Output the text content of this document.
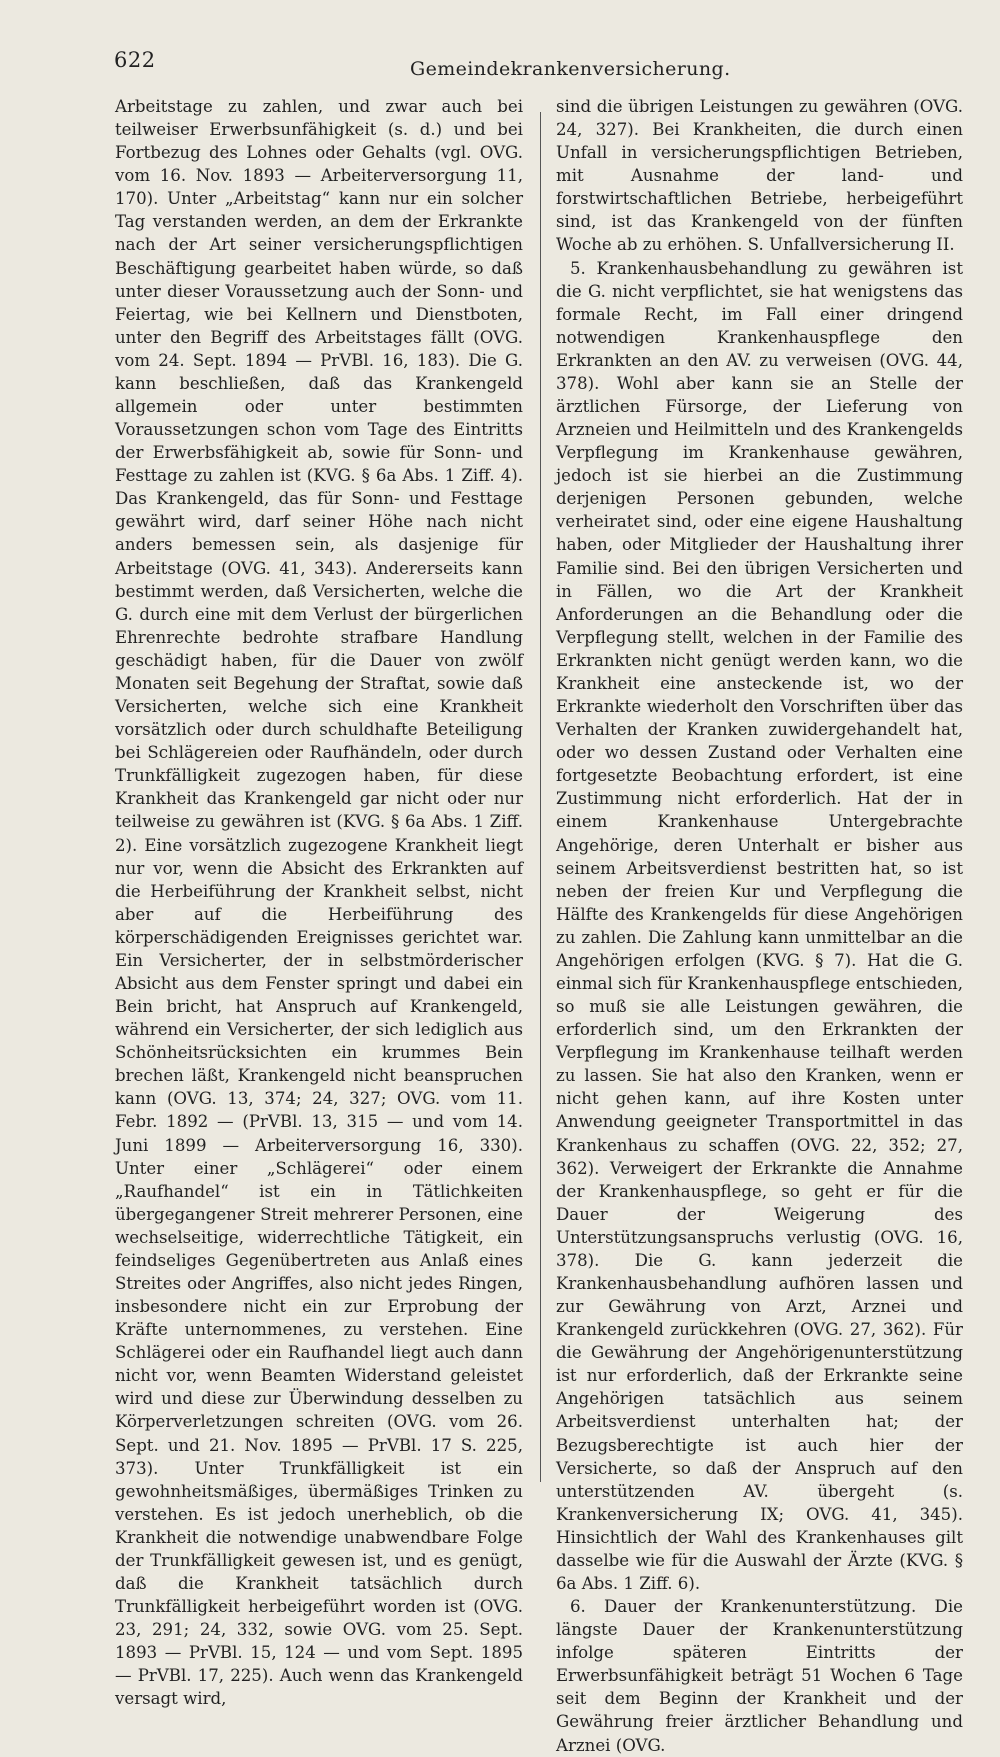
622	Gemeindekrankenversicherung.

Arbeitstage zu zahlen, und zwar auch bei teilweiser Erwerbsunfähigkeit (s. d.) und bei Fortbezug des Lohnes oder Gehalts (vgl. OVG. vom 16. Nov. 1893 — Arbeiterversorgung 11, 170). Unter „Arbeitstag“ kann nur ein solcher Tag verstanden werden, an dem der Erkrankte nach der Art seiner versicherungspflichtigen Beschäftigung gearbeitet haben würde, so daß unter dieser Voraussetzung auch der Sonn- und Feiertag, wie bei Kellnern und Dienstboten, unter den Begriff des Arbeitstages fällt (OVG. vom 24. Sept. 1894 — PrVBl. 16, 183). Die G. kann beschließen, daß das Krankengeld allgemein oder unter bestimmten Voraussetzungen schon vom Tage des Eintritts der Erwerbsfähigkeit ab, sowie für Sonn- und Festtage zu zahlen ist (KVG. § 6a Abs. 1 Ziff. 4). Das Krankengeld, das für Sonn- und Festtage gewährt wird, darf seiner Höhe nach nicht anders bemessen sein, als dasjenige für Arbeitstage (OVG. 41, 343). Andererseits kann bestimmt werden, daß Versicherten, welche die G. durch eine mit dem Verlust der bürgerlichen Ehrenrechte bedrohte strafbare Handlung geschädigt haben, für die Dauer von zwölf Monaten seit Begehung der Straftat, sowie daß Versicherten, welche sich eine Krankheit vorsätzlich oder durch schuldhafte Beteiligung bei Schlägereien oder Raufhändeln, oder durch Trunkfälligkeit zugezogen haben, für diese Krankheit das Krankengeld gar nicht oder nur teilweise zu gewähren ist (KVG. § 6a Abs. 1 Ziff. 2). Eine vorsätzlich zugezogene Krankheit liegt nur vor, wenn die Absicht des Erkrankten auf die Herbeiführung der Krankheit selbst, nicht aber auf die Herbeiführung des körperschädigenden Ereignisses gerichtet war. Ein Versicherter, der in selbstmörderischer Absicht aus dem Fenster springt und dabei ein Bein bricht, hat Anspruch auf Krankengeld, während ein Versicherter, der sich lediglich aus Schönheitsrücksichten ein krummes Bein brechen läßt, Krankengeld nicht beanspruchen kann (OVG. 13, 374; 24, 327; OVG. vom 11. Febr. 1892 — (PrVBl. 13, 315 — und vom 14. Juni 1899 — Arbeiterversorgung 16, 330). Unter einer „Schlägerei“ oder einem „Raufhandel“ ist ein in Tätlichkeiten übergegangener Streit mehrerer Personen, eine wechselseitige, widerrechtliche Tätigkeit, ein feindseliges Gegenübertreten aus Anlaß eines Streites oder Angriffes, also nicht jedes Ringen, insbesondere nicht ein zur Erprobung der Kräfte unternommenes, zu verstehen. Eine Schlägerei oder ein Raufhandel liegt auch dann nicht vor, wenn Beamten Widerstand geleistet wird und diese zur Überwindung desselben zu Körperverletzungen schreiten (OVG. vom 26. Sept. und 21. Nov. 1895 — PrVBl. 17 S. 225, 373). Unter Trunkfälligkeit ist ein gewohnheitsmäßiges, übermäßiges Trinken zu verstehen. Es ist jedoch unerheblich, ob die Krankheit die notwendige unabwendbare Folge der Trunkfälligkeit gewesen ist, und es genügt, daß die Krankheit tatsächlich durch Trunkfälligkeit herbeigeführt worden ist (OVG. 23, 291; 24, 332, sowie OVG. vom 25. Sept. 1893 — PrVBl. 15, 124 — und vom Sept. 1895 — PrVBl. 17, 225). Auch wenn das Krankengeld versagt wird,

sind die übrigen Leistungen zu gewähren (OVG. 24, 327). Bei Krankheiten, die durch einen Unfall in versicherungspflichtigen Betrieben, mit Ausnahme der land- und forstwirtschaftlichen Betriebe, herbeigeführt sind, ist das Krankengeld von der fünften Woche ab zu erhöhen. S. Unfallversicherung II.

5. Krankenhausbehandlung zu gewähren ist die G. nicht verpflichtet, sie hat wenigstens das formale Recht, im Fall einer dringend notwendigen Krankenhauspflege den Erkrankten an den AV. zu verweisen (OVG. 44, 378). Wohl aber kann sie an Stelle der ärztlichen Fürsorge, der Lieferung von Arzneien und Heilmitteln und des Krankengelds Verpflegung im Krankenhause gewähren, jedoch ist sie hierbei an die Zustimmung derjenigen Personen gebunden, welche verheiratet sind, oder eine eigene Haushaltung haben, oder Mitglieder der Haushaltung ihrer Familie sind. Bei den übrigen Versicherten und in Fällen, wo die Art der Krankheit Anforderungen an die Behandlung oder die Verpflegung stellt, welchen in der Familie des Erkrankten nicht genügt werden kann, wo die Krankheit eine ansteckende ist, wo der Erkrankte wiederholt den Vorschriften über das Verhalten der Kranken zuwidergehandelt hat, oder wo dessen Zustand oder Verhalten eine fortgesetzte Beobachtung erfordert, ist eine Zustimmung nicht erforderlich. Hat der in einem Krankenhause Untergebrachte Angehörige, deren Unterhalt er bisher aus seinem Arbeitsverdienst bestritten hat, so ist neben der freien Kur und Verpflegung die Hälfte des Krankengelds für diese Angehörigen zu zahlen. Die Zahlung kann unmittelbar an die Angehörigen erfolgen (KVG. § 7). Hat die G. einmal sich für Krankenhauspflege entschieden, so muß sie alle Leistungen gewähren, die erforderlich sind, um den Erkrankten der Verpflegung im Krankenhause teilhaft werden zu lassen. Sie hat also den Kranken, wenn er nicht gehen kann, auf ihre Kosten unter Anwendung geeigneter Transportmittel in das Krankenhaus zu schaffen (OVG. 22, 352; 27, 362). Verweigert der Erkrankte die Annahme der Krankenhauspflege, so geht er für die Dauer der Weigerung des Unterstützungsanspruchs verlustig (OVG. 16, 378). Die G. kann jederzeit die Krankenhausbehandlung aufhören lassen und zur Gewährung von Arzt, Arznei und Krankengeld zurückkehren (OVG. 27, 362). Für die Gewährung der Angehörigenunterstützung ist nur erforderlich, daß der Erkrankte seine Angehörigen tatsächlich aus seinem Arbeitsverdienst unterhalten hat; der Bezugsberechtigte ist auch hier der Versicherte, so daß der Anspruch auf den unterstützenden AV. übergeht (s. Krankenversicherung IX; OVG. 41, 345). Hinsichtlich der Wahl des Krankenhauses gilt dasselbe wie für die Auswahl der Ärzte (KVG. § 6a Abs. 1 Ziff. 6).

6. Dauer der Krankenunterstützung. Die längste Dauer der Krankenunterstützung infolge späteren Eintritts der Erwerbsunfähigkeit beträgt 51 Wochen 6 Tage seit dem Beginn der Krankheit und der Gewährung freier ärztlicher Behandlung und Arznei (OVG.
